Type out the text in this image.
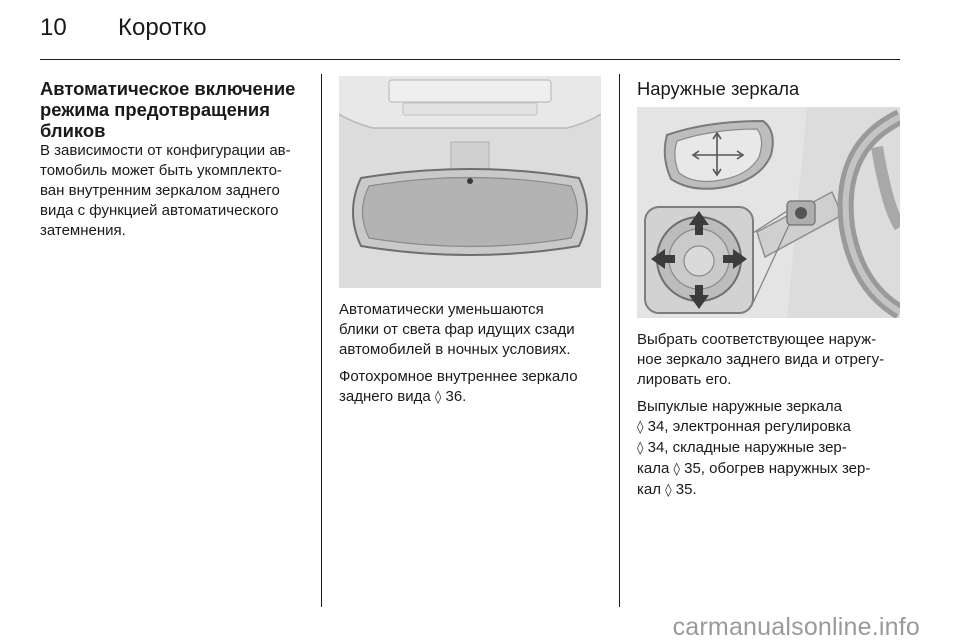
10 Коротко
Автоматическое включение
режима предотвращения
бликов
В зависимости от конфигурации ав-
томобиль может быть укомплекто-
ван внутренним зеркалом заднего
вида с функцией автоматического
затемнения.

Автоматически уменьшаются
блики от света фар идущих сзади
автомобилей в ночных условиях.

Фотохромное внутреннее зеркало
заднего вида ◊ 36.

Наружные зеркала

Выбрать соответствующее наруж-
ное зеркало заднего вида и отрегу-
лировать его.

Выпуклые наружные зеркала
◊ 34, электронная регулировка
◊ 34, складные наружные зер-
кала ◊ 35, обогрев наружных зер-
кал ◊ 35.

carmanualsonline.info
